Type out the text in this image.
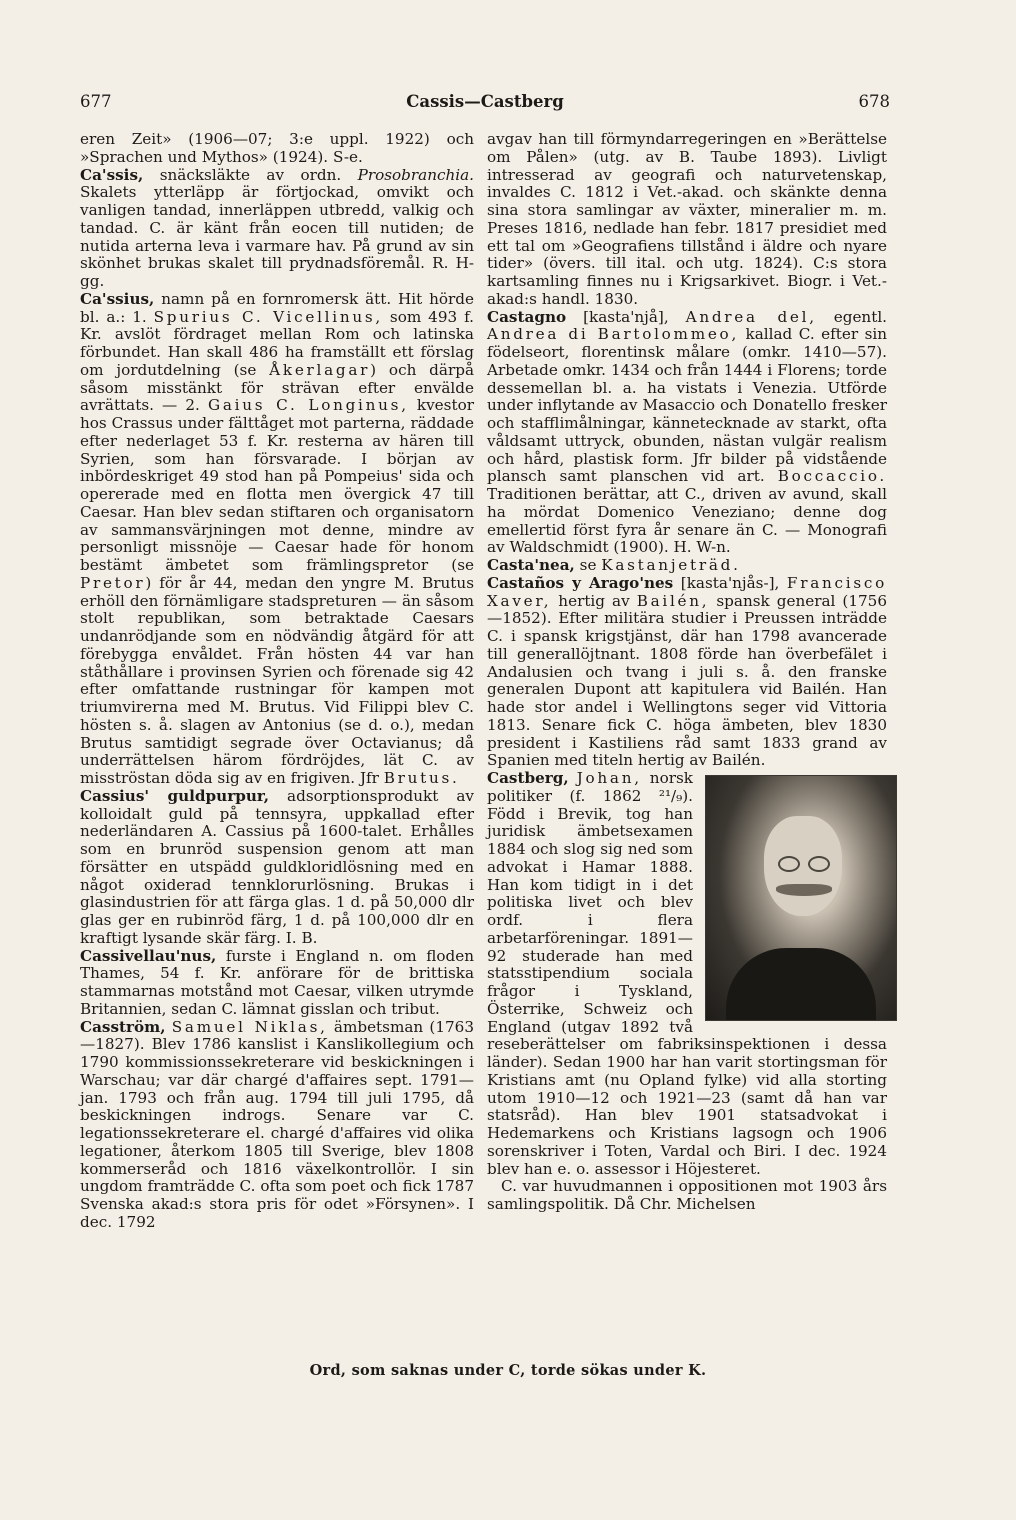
677	Cassis—Castberg	678

eren Zeit» (1906—07; 3:e uppl. 1922) och »Sprachen und Mythos» (1924). S-e.

Ca'ssis, snäcksläkte av ordn. Prosobranchia. Skalets ytterläpp är förtjockad, omvikt och vanligen tandad, innerläppen utbredd, valkig och tandad. C. är känt från eocen till nutiden; de nutida arterna leva i varmare hav. På grund av sin skönhet brukas skalet till prydnadsföremål. R. H-gg.

Ca'ssius, namn på en fornromersk ätt. Hit hörde bl. a.: 1. Spurius C. Vicellinus, som 493 f. Kr. avslöt fördraget mellan Rom och latinska förbundet. Han skall 486 ha framställt ett förslag om jordutdelning (se Åkerlagar) och därpå såsom misstänkt för strävan efter envälde avrättats. — 2. Gaius C. Longinus, kvestor hos Crassus under fälttåget mot parterna, räddade efter nederlaget 53 f. Kr. resterna av hären till Syrien, som han försvarade. I början av inbördeskriget 49 stod han på Pompeius' sida och opererade med en flotta men övergick 47 till Caesar. Han blev sedan stiftaren och organisatorn av sammansvärjningen mot denne, mindre av personligt missnöje — Caesar hade för honom bestämt ämbetet som främlingspretor (se Pretor) för år 44, medan den yngre M. Brutus erhöll den förnämligare stadspreturen — än såsom stolt republikan, som betraktade Caesars undanrödjande som en nödvändig åtgärd för att förebygga envåldet. Från hösten 44 var han ståthållare i provinsen Syrien och förenade sig 42 efter omfattande rustningar för kampen mot triumvirerna med M. Brutus. Vid Filippi blev C. hösten s. å. slagen av Antonius (se d. o.), medan Brutus samtidigt segrade över Octavianus; då underrättelsen härom fördröjdes, lät C. av misströstan döda sig av en frigiven. Jfr Brutus.

Cassius' guldpurpur, adsorptionsprodukt av kolloidalt guld på tennsyra, uppkallad efter nederländaren A. Cassius på 1600-talet. Erhålles som en brunröd suspension genom att man försätter en utspädd guldkloridlösning med en något oxiderad tennklorurlösning. Brukas i glasindustrien för att färga glas. 1 d. på 50,000 dlr glas ger en rubinröd färg, 1 d. på 100,000 dlr en kraftigt lysande skär färg. I. B.

Cassivellau'nus, furste i England n. om floden Thames, 54 f. Kr. anförare för de brittiska stammarnas motstånd mot Caesar, vilken utrymde Britannien, sedan C. lämnat gisslan och tribut.

Casström, Samuel Niklas, ämbetsman (1763—1827). Blev 1786 kanslist i Kanslikollegium och 1790 kommissionssekreterare vid beskickningen i Warschau; var där chargé d'affaires sept. 1791—jan. 1793 och från aug. 1794 till juli 1795, då beskickningen indrogs. Senare var C. legationssekreterare el. chargé d'affaires vid olika legationer, återkom 1805 till Sverige, blev 1808 kommerseråd och 1816 växelkontrollör. I sin ungdom framträdde C. ofta som poet och fick 1787 Svenska akad:s stora pris för odet »Försynen». I dec. 1792

avgav han till förmyndarregeringen en »Berättelse om Pålen» (utg. av B. Taube 1893). Livligt intresserad av geografi och naturvetenskap, invaldes C. 1812 i Vet.-akad. och skänkte denna sina stora samlingar av växter, mineralier m. m. Preses 1816, nedlade han febr. 1817 presidiet med ett tal om »Geografiens tillstånd i äldre och nyare tider» (övers. till ital. och utg. 1824). C:s stora kartsamling finnes nu i Krigsarkivet. Biogr. i Vet.-akad:s handl. 1830.

Castagno [kasta'njå], Andrea del, egentl. Andrea di Bartolommeo, kallad C. efter sin födelseort, florentinsk målare (omkr. 1410—57). Arbetade omkr. 1434 och från 1444 i Florens; torde dessemellan bl. a. ha vistats i Venezia. Utförde under inflytande av Masaccio och Donatello fresker och stafflimålningar, kännetecknade av starkt, ofta våldsamt uttryck, obunden, nästan vulgär realism och hård, plastisk form. Jfr bilder på vidstående plansch samt planschen vid art. Boccaccio. Traditionen berättar, att C., driven av avund, skall ha mördat Domenico Veneziano; denne dog emellertid först fyra år senare än C. — Monografi av Waldschmidt (1900). H. W-n.

Casta'nea, se Kastanjeträd.

Castaños y Arago'nes [kasta'njås-], Francisco Xaver, hertig av Bailén, spansk general (1756—1852). Efter militära studier i Preussen inträdde C. i spansk krigstjänst, där han 1798 avancerade till generallöjtnant. 1808 förde han överbefälet i Andalusien och tvang i juli s. å. den franske generalen Dupont att kapitulera vid Bailén. Han hade stor andel i Wellingtons seger vid Vittoria 1813. Senare fick C. höga ämbeten, blev 1830 president i Kastiliens råd samt 1833 grand av Spanien med titeln hertig av Bailén.

Castberg, Johan,
norsk politiker (f. 1862 ²¹/₉). Född i Brevik, tog han juridisk ämbetsexamen 1884 och slog sig ned som advokat i Hamar 1888. Han kom tidigt in i det politiska livet och blev ordf. i flera arbetarföreningar. 1891—92 studerade han med statsstipendium sociala frågor i Tyskland, Österrike, Schweiz och England (utgav 1892 två reseberättelser om fabriksinspektionen i dessa länder). Sedan 1900 har han varit stortingsman för Kristians amt (nu Opland fylke) vid alla storting utom 1910—12 och 1921—23 (samt då han var statsråd). Han blev 1901 statsadvokat i Hedemarkens och Kristians lagsogn och 1906 sorenskriver i Toten, Vardal och Biri. I dec. 1924 blev han e. o. assessor i Höjesteret.

C. var huvudmannen i oppositionen mot 1903 års samlingspolitik. Då Chr. Michelsen

Ord, som saknas under C, torde sökas under K.
